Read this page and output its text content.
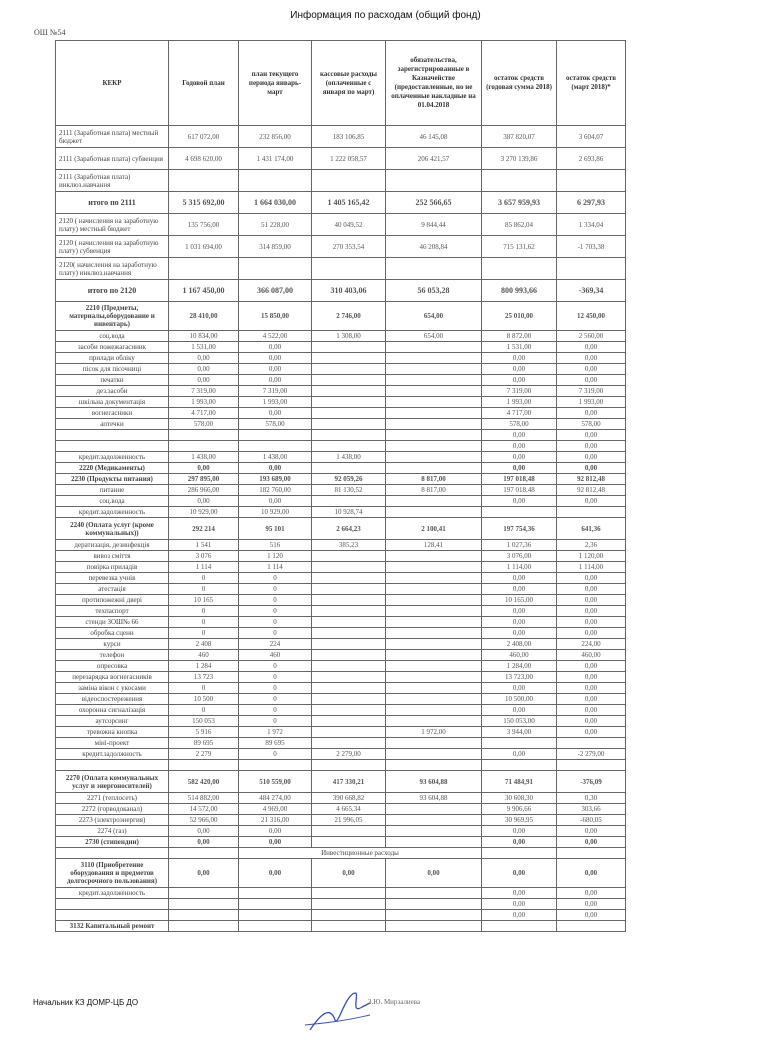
Информация по расходам (общий фонд)
ОШ №54
КЕКР	Годовой план	план текущего периода январь-март	кассовые расходы (оплаченные с января по март)	обязательства, зарегистрированные в Казначействе (предоставленные, но не оплаченные накладные на 01.04.2018	остаток средств (годовая сумма 2018)	остаток средств (март 2018)*
2111 (Заработная плата) местный бюджет	617 072,00	232 856,00	183 106,85	46 145,08	387 820,07	3 604,07
2111 (Заработная плата) субвенция	4 698 620,00	1 431 174,00	1 222 058,57	206 421,57	3 270 139,86	2 693,86
2111 (Заработная плата) инклюз.навчання						
итого по 2111	5 315 692,00	1 664 030,00	1 405 165,42	252 566,65	3 657 959,93	6 297,93
2120 ( начисления на заработную плату) местный бюджет	135 756,00	51 228,00	40 049,52	9 844,44	85 862,04	1 334,04
2120 ( начисления на заработную плату) субвенция	1 031 694,00	314 859,00	270 353,54	46 208,84	715 131,62	-1 703,38
2120( начисления на заработную плату) инклюз.навчання						
итого по 2120	1 167 450,00	366 087,00	310 403,06	56 053,28	800 993,66	-369,34
2210 (Предметы, материалы,оборудование и инвентарь)	28 410,00	15 850,00	2 746,00	654,00	25 010,00	12 450,00
соц.вода	10 834,00	4 522,00	1 308,00	654,00	8 872,00	2 560,00
засоби пожежагасиник	1 531,00	0,00			1 531,00	0,00
прилади обліку	0,00	0,00			0,00	0,00
пісок для пісочниці	0,00	0,00			0,00	0,00
печатки	0,00	0,00			0,00	0,00
дез.засоби	7 319,00	7 319,00			7 319,00	7 319,00
шкільна документація	1 993,00	1 993,00			1 993,00	1 993,00
вогнегасники	4 717,00	0,00			4 717,00	0,00
аптечки	578,00	578,00			578,00	578,00
					0,00	0,00
					0,00	0,00
кредит.задолженность	1 438,00	1 438,00	1 438,00		0,00	0,00
2220 (Медикаменты)	0,00	0,00			0,00	0,00
2230 (Продукты питания)	297 895,00	193 689,00	92 059,26	8 817,00	197 018,48	92 812,48
питание	286 966,00	182 760,00	81 130,52	8 817,00	197 018,48	92 812,48
соц.вода	0,00	0,00			0,00	0,00
кредит.задолженность	10 929,00	10 929,00	10 928,74			
2240 (Оплата услуг (кроме коммунальных))	292 214	95 101	2 664,23	2 100,41	197 754,36	641,36
дератизація, дезинфекція	1 541	516	385,23	128,41	1 027,36	2,36
вивоз сміття	3 076	1 120			3 076,00	1 120,00
повірка приладів	1 114	1 114			1 114,00	1 114,00
перевезка учнів	0	0			0,00	0,00
атестація	0	0			0,00	0,00
протипожежні двері	10 165	0			10 165,00	0,00
техпаспорт	0	0			0,00	0,00
стенди ЗОШ№ 66	0	0			0,00	0,00
обробка сцени	0	0			0,00	0,00
курси	2 408	224			2 408,00	224,00
телефон	460	460			460,00	460,00
опресовка	1 284	0			1 284,00	0,00
перезарядка вогнегасників	13 723	0			13 723,00	0,00
заміна вікон с укосами	0	0			0,00	0,00
відеоспостереження	10 500	0			10 500,00	0,00
охоронна сигналізація	0	0			0,00	0,00
аутсорсинг	150 053	0			150 053,00	0,00
тревожна кнопка	5 916	1 972		1 972,00	3 944,00	0,00
міні-проект	89 695	89 695				
кредит.задолжность	2 279	0	2 279,00		0,00	-2 279,00

2270 (Оплата коммунальных услуг и энергоносителей)	582 420,00	510 559,00	417 330,21	93 604,88	71 484,91	-376,09
2271 (теплосеть)	514 882,00	484 274,00	390 668,82	93 604,88	30 608,30	0,30
2272 (горводоканал)	14 572,00	4 969,00	4 665,34		9 906,66	303,66
2273 (электроэнергия)	52 966,00	21 316,00	21 996,05		30 969,95	-680,05
2274 (газ)	0,00	0,00			0,00	0,00
2730 (стипендии)	0,00	0,00			0,00	0,00
		Инвестиционные расходы				
3110 (Приобретение оборудования и предметов долгосрочного пользования)	0,00	0,00	0,00	0,00	0,00	0,00
кредит.задолженность					0,00	0,00
					0,00	0,00
					0,00	0,00
3132 Капитальный ремонт						
Начальник КЗ ДОМР-ЦБ ДО	З.Ю. Мирзалиева
